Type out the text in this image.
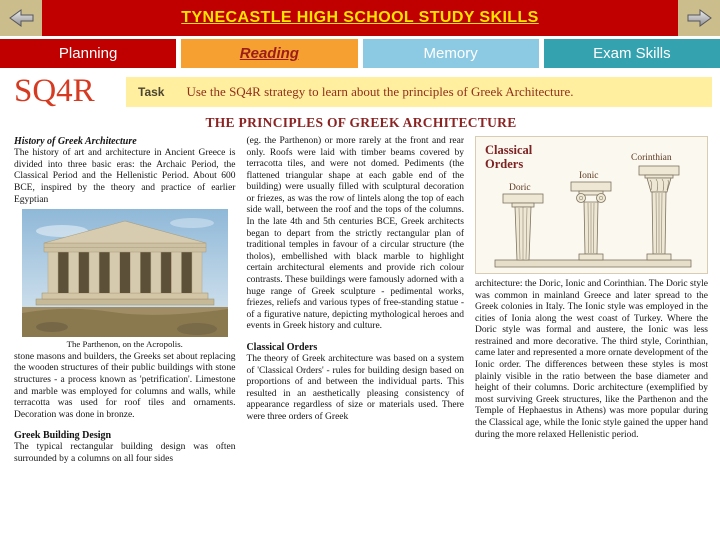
TYNECASTLE HIGH SCHOOL STUDY SKILLS
Planning	Reading	Memory	Exam Skills
SQ4R	Task Use the SQ4R strategy to learn about the principles of Greek Architecture.
THE PRINCIPLES OF GREEK ARCHITECTURE
History of Greek Architecture

The history of art and architecture in Ancient Greece is divided into three basic eras: the Archaic Period, the Classical Period and the Hellenistic Period. About 600 BCE, inspired by the theory and practice of earlier Egyptian

The Parthenon, on the Acropolis.

stone masons and builders, the Greeks set about replacing the wooden structures of their public buildings with stone structures - a process known as 'petrification'. Limestone and marble was employed for columns and walls, while terracotta was used for roof tiles and ornaments. Decoration was done in bronze.

Greek Building Design

The typical rectangular building design was often surrounded by a columns on all four sides

(eg. the Parthenon) or more rarely at the front and rear only. Roofs were laid with timber beams covered by terracotta tiles, and were not domed. Pediments (the flattened triangular shape at each gable end of the building) were usually filled with sculptural decoration or friezes, as was the row of lintels along the top of each side wall, between the roof and the tops of the columns. In the late 4th and 5th centuries BCE, Greek architects began to depart from the strictly rectangular plan of traditional temples in favour of a circular structure (the tholos), embellished with black marble to highlight certain architectural elements and provide rich colour contrasts. These buildings were famously adorned with a huge range of Greek sculpture - pedimental works, friezes, reliefs and various types of free-standing statue - of a figurative nature, depicting mythological heroes and events in Greek history and culture.

Classical Orders

The theory of Greek architecture was based on a system of 'Classical Orders' - rules for building design based on proportions of and between the individual parts. This resulted in an aesthetically pleasing consistency of appearance regardless of size or materials used. There were three orders of Greek

Classical
Orders
Doric
Ionic
Corinthian

architecture: the Doric, Ionic and Corinthian. The Doric style was common in mainland Greece and later spread to the Greek colonies in Italy. The Ionic style was employed in the cities of Ionia along the west coast of Turkey. Where the Doric style was formal and austere, the Ionic was less restrained and more decorative. The third style, Corinthian, came later and represented a more ornate development of the Ionic order. The differences between these styles is most plainly visible in the ratio between the base diameter and height of their columns. Doric architecture (exemplified by most surviving Greek structures, like the Parthenon and the Temple of Hephaestus in Athens) was more popular during the Classical age, while the Ionic style gained the upper hand during the more relaxed Hellenistic period.
